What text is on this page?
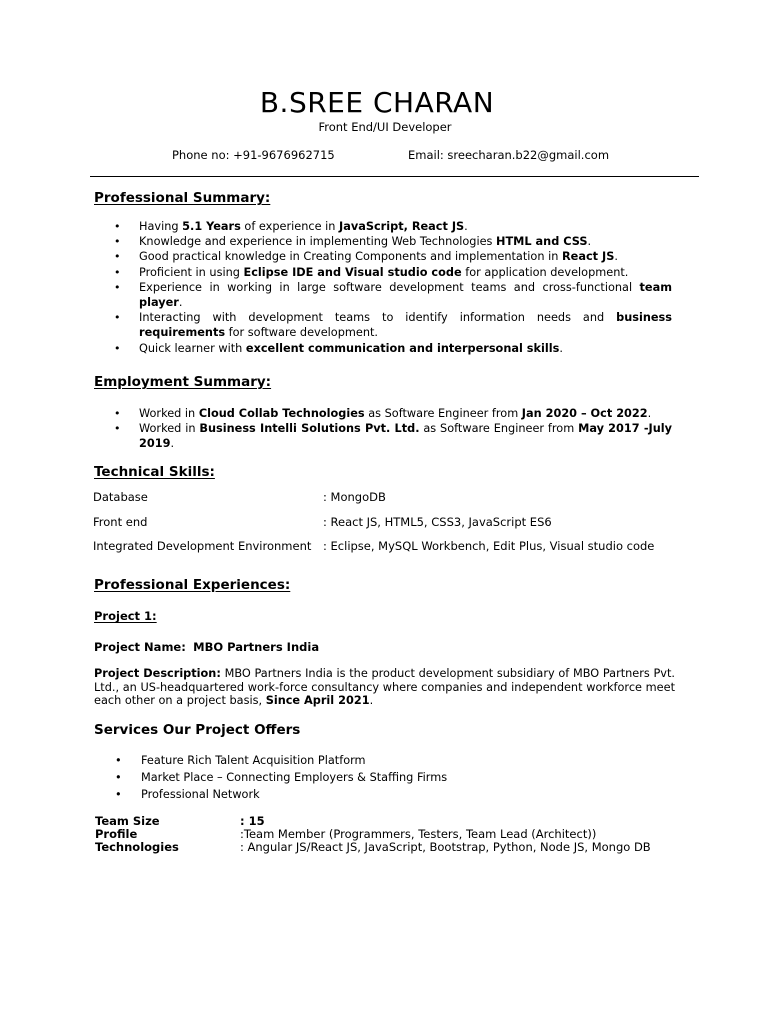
B.SREE CHARAN
Front End/UI Developer
Phone no: +91-9676962715	Email: sreecharan.b22@gmail.com
Professional Summary:
• Having 5.1 Years of experience in JavaScript, React JS.
• Knowledge and experience in implementing Web Technologies HTML and CSS.
• Good practical knowledge in Creating Components and implementation in React JS.
• Proficient in using Eclipse IDE and Visual studio code for application development.
• Experience in working in large software development teams and cross-functional team player.
• Interacting with development teams to identify information needs and business requirements for software development.
• Quick learner with excellent communication and interpersonal skills.
Employment Summary:
• Worked in Cloud Collab Technologies as Software Engineer from Jan 2020 – Oct 2022.
• Worked in Business Intelli Solutions Pvt. Ltd. as Software Engineer from May 2017 -July 2019.
Technical Skills:
Database	: MongoDB
Front end	: React JS, HTML5, CSS3, JavaScript ES6
Integrated Development Environment : Eclipse, MySQL Workbench, Edit Plus, Visual studio code
Professional Experiences:
Project 1:
Project Name: MBO Partners India
Project Description: MBO Partners India is the product development subsidiary of MBO Partners Pvt. Ltd., an US-headquartered work-force consultancy where companies and independent workforce meet each other on a project basis, Since April 2021.
Services Our Project Offers
• Feature Rich Talent Acquisition Platform
• Market Place – Connecting Employers & Staffing Firms
• Professional Network
Team Size	: 15
Profile	:Team Member (Programmers, Testers, Team Lead (Architect))
Technologies	: Angular JS/React JS, JavaScript, Bootstrap, Python, Node JS, Mongo DB
